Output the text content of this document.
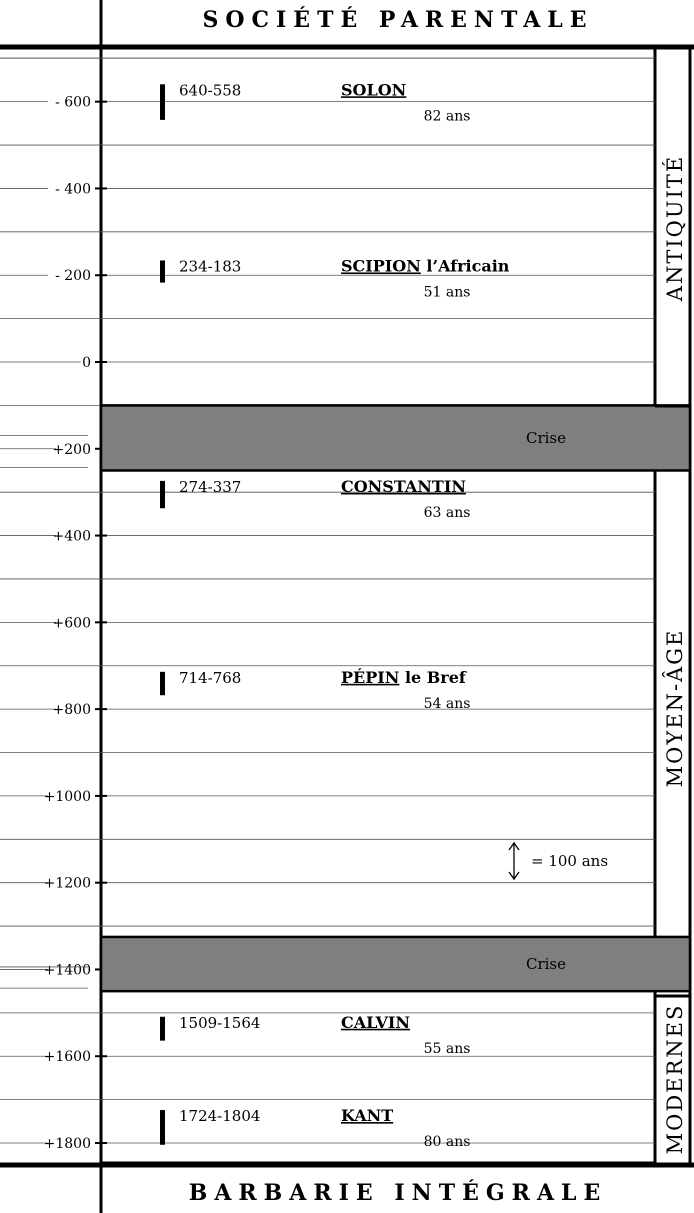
- 600
- 400
- 200
0
+200
+400
+600
+800
+1000
+1200
+1400
+1600
+1800
Crise
Crise
ANTIQUITÉ
MOYEN-ÂGE
MODERNES
640-558	SOLON
82 ans
234-183	SCIPION l’Africain
51 ans
274-337	CONSTANTIN
63 ans
714-768	PÉPIN le Bref
54 ans
1509-1564	CALVIN
55 ans
1724-1804	KANT
80 ans
= 100 ans
SOCIÉTÉ PARENTALE
BARBARIE INTÉGRALE
